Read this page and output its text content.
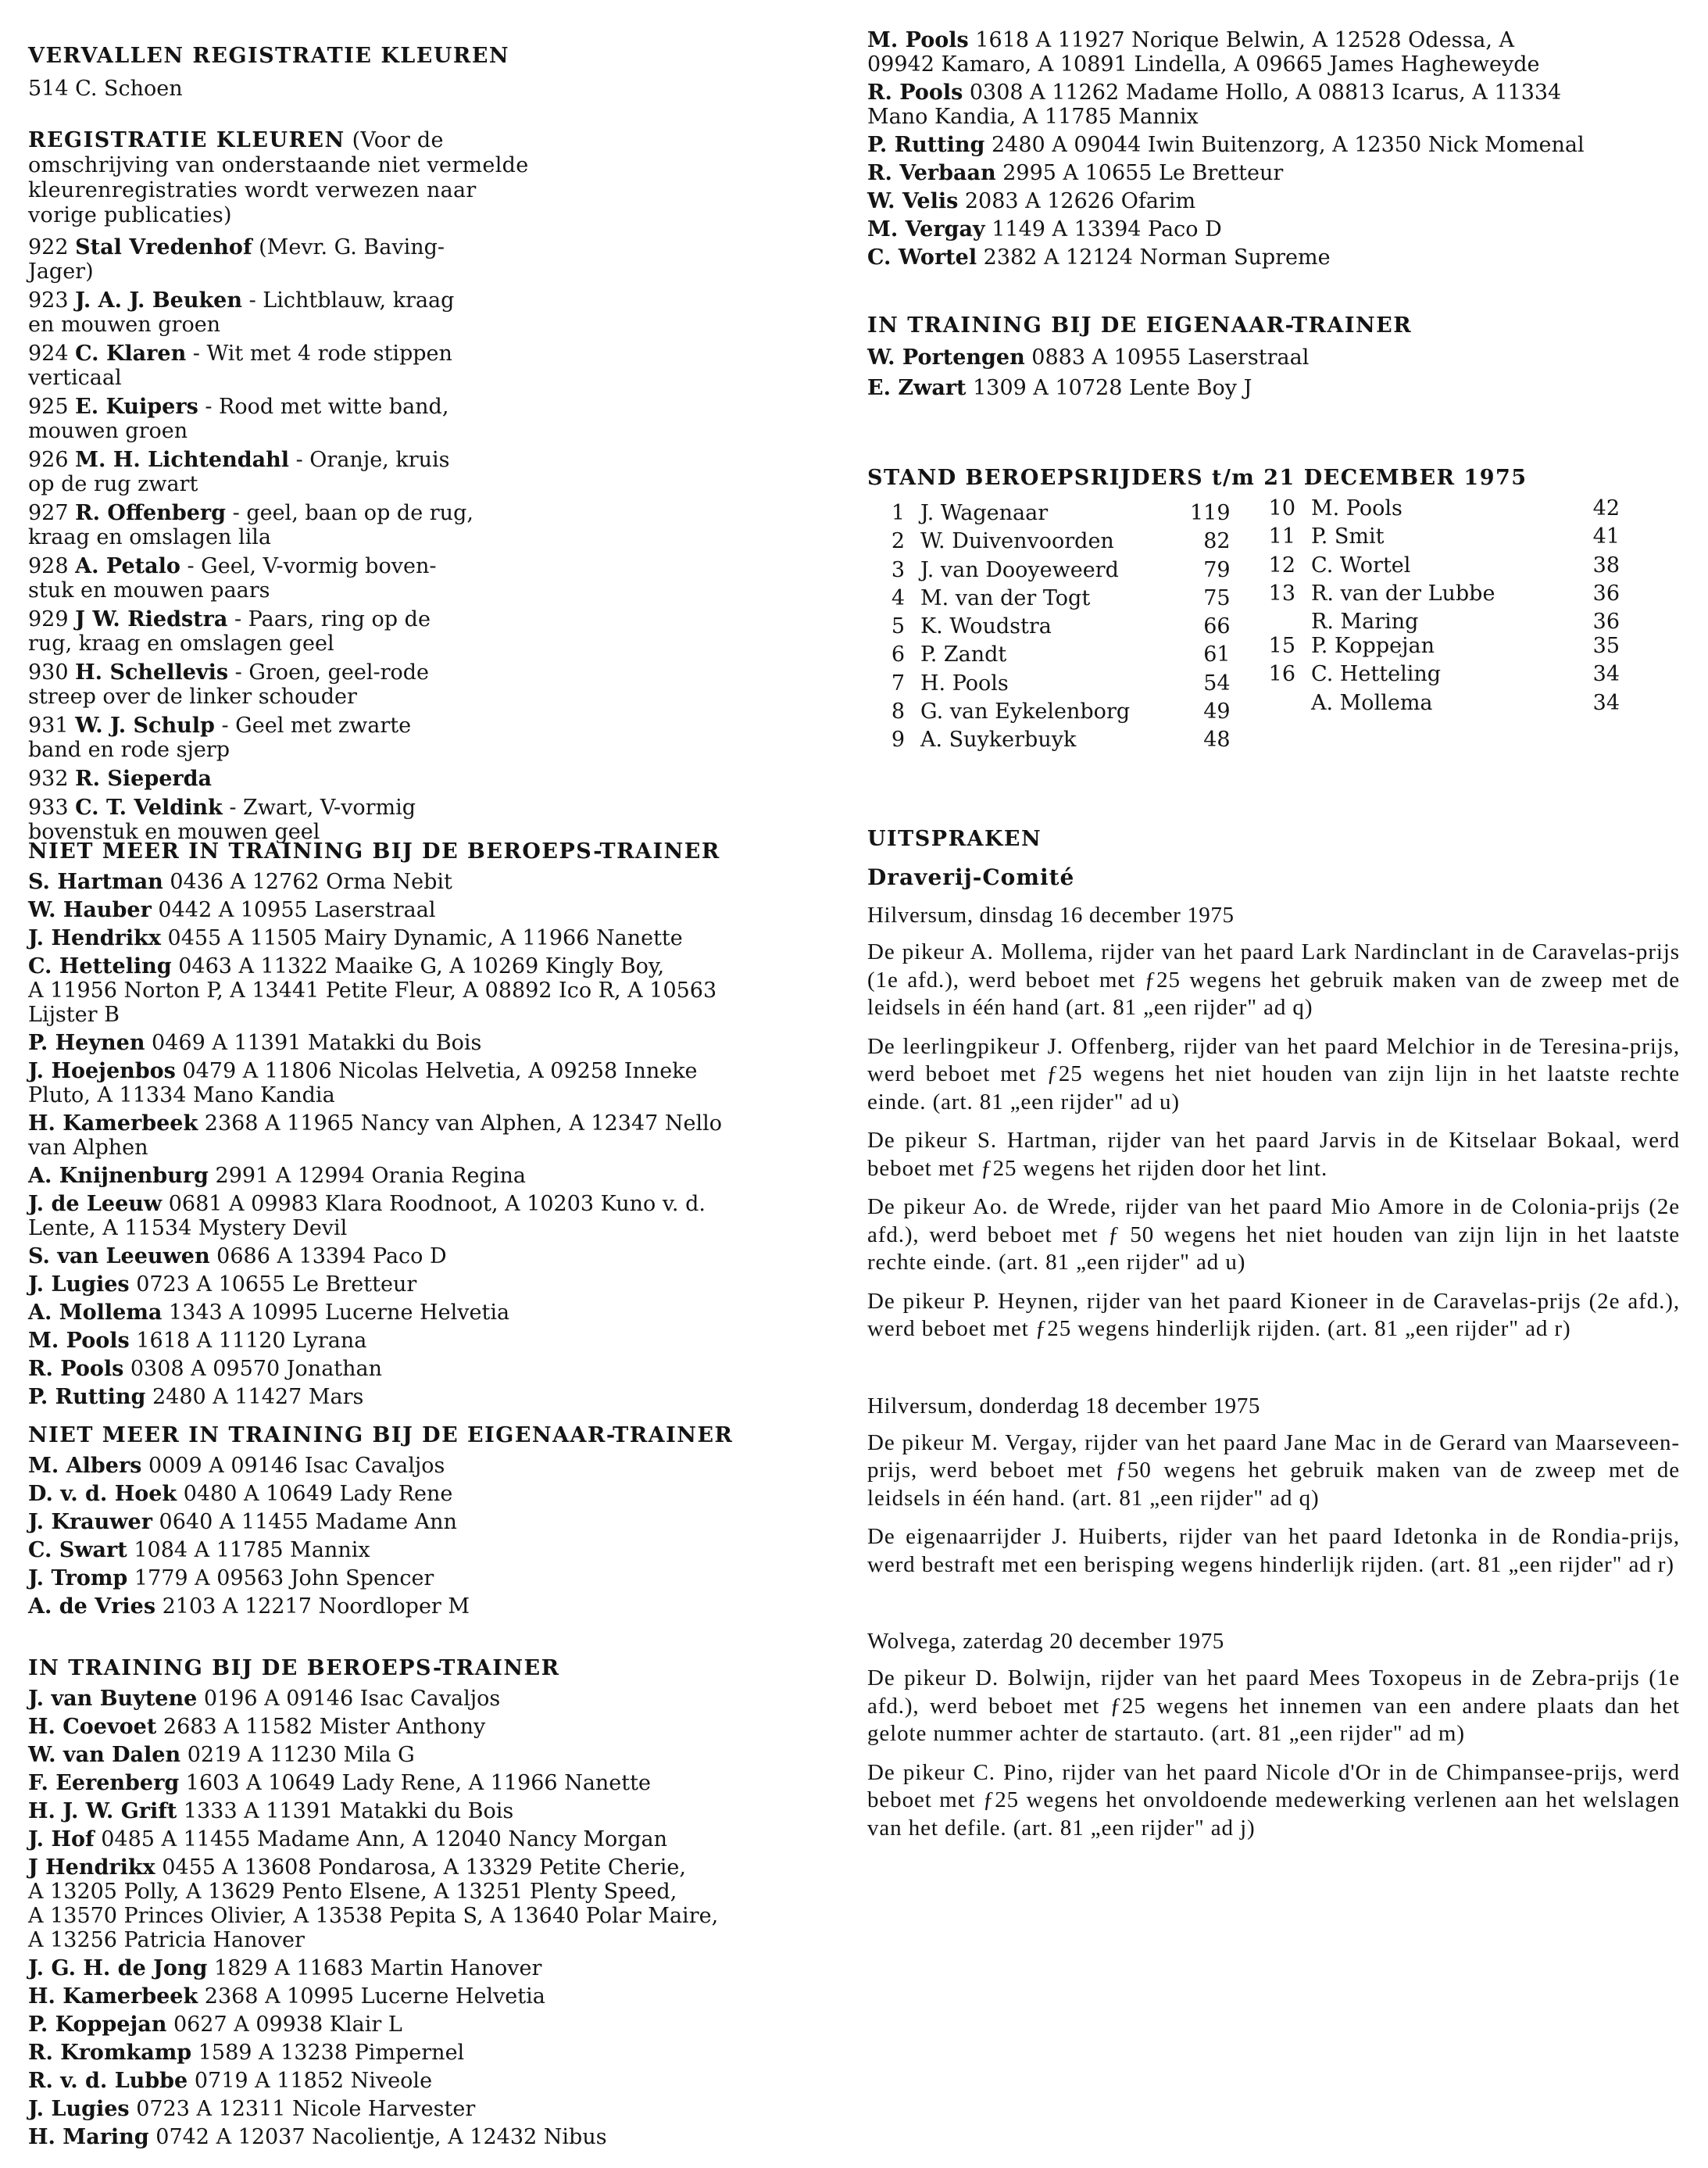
VERVALLEN REGISTRATIE KLEUREN

514 C. Schoen

REGISTRATIE KLEUREN (Voor de omschrijving van onderstaande niet vermelde kleurenregistraties wordt verwezen naar vorige publicaties)

922 Stal Vredenhof (Mevr. G. Baving-
Jager)
923 J. A. J. Beuken - Lichtblauw, kraag
en mouwen groen
924 C. Klaren - Wit met 4 rode stippen
verticaal
925 E. Kuipers - Rood met witte band,
mouwen groen
926 M. H. Lichtendahl - Oranje, kruis
op de rug zwart
927 R. Offenberg - geel, baan op de rug,
kraag en omslagen lila
928 A. Petalo - Geel, V-vormig boven-
stuk en mouwen paars
929 J W. Riedstra - Paars, ring op de
rug, kraag en omslagen geel
930 H. Schellevis - Groen, geel-rode
streep over de linker schouder
931 W. J. Schulp - Geel met zwarte
band en rode sjerp
932 R. Sieperda
933 C. T. Veldink - Zwart, V-vormig
bovenstuk en mouwen geel

NIET MEER IN TRAINING BIJ DE BEROEPS-TRAINER

S. Hartman 0436 A 12762 Orma Nebit
W. Hauber 0442 A 10955 Laserstraal
J. Hendrikx 0455 A 11505 Mairy Dynamic, A 11966 Nanette
C. Hetteling 0463 A 11322 Maaike G, A 10269 Kingly Boy,
A 11956 Norton P, A 13441 Petite Fleur, A 08892 Ico R, A 10563
Lijster B
P. Heynen 0469 A 11391 Matakki du Bois
J. Hoejenbos 0479 A 11806 Nicolas Helvetia, A 09258 Inneke
Pluto, A 11334 Mano Kandia
H. Kamerbeek 2368 A 11965 Nancy van Alphen, A 12347 Nello
van Alphen
A. Knijnenburg 2991 A 12994 Orania Regina
J. de Leeuw 0681 A 09983 Klara Roodnoot, A 10203 Kuno v. d.
Lente, A 11534 Mystery Devil
S. van Leeuwen 0686 A 13394 Paco D
J. Lugies 0723 A 10655 Le Bretteur
A. Mollema 1343 A 10995 Lucerne Helvetia
M. Pools 1618 A 11120 Lyrana
R. Pools 0308 A 09570 Jonathan
P. Rutting 2480 A 11427 Mars

NIET MEER IN TRAINING BIJ DE EIGENAAR-TRAINER

M. Albers 0009 A 09146 Isac Cavaljos
D. v. d. Hoek 0480 A 10649 Lady Rene
J. Krauwer 0640 A 11455 Madame Ann
C. Swart 1084 A 11785 Mannix
J. Tromp 1779 A 09563 John Spencer
A. de Vries 2103 A 12217 Noordloper M

IN TRAINING BIJ DE BEROEPS-TRAINER

J. van Buytene 0196 A 09146 Isac Cavaljos
H. Coevoet 2683 A 11582 Mister Anthony
W. van Dalen 0219 A 11230 Mila G
F. Eerenberg 1603 A 10649 Lady Rene, A 11966 Nanette
H. J. W. Grift 1333 A 11391 Matakki du Bois
J. Hof 0485 A 11455 Madame Ann, A 12040 Nancy Morgan
J Hendrikx 0455 A 13608 Pondarosa, A 13329 Petite Cherie,
A 13205 Polly, A 13629 Pento Elsene, A 13251 Plenty Speed,
A 13570 Princes Olivier, A 13538 Pepita S, A 13640 Polar Maire,
A 13256 Patricia Hanover
J. G. H. de Jong 1829 A 11683 Martin Hanover
H. Kamerbeek 2368 A 10995 Lucerne Helvetia
P. Koppejan 0627 A 09938 Klair L
R. Kromkamp 1589 A 13238 Pimpernel
R. v. d. Lubbe 0719 A 11852 Niveole
J. Lugies 0723 A 12311 Nicole Harvester
H. Maring 0742 A 12037 Nacolientje, A 12432 Nibus
M. Pools 1618 A 11927 Norique Belwin, A 12528 Odessa, A
09942 Kamaro, A 10891 Lindella, A 09665 James Hagheweyde
R. Pools 0308 A 11262 Madame Hollo, A 08813 Icarus, A 11334
Mano Kandia, A 11785 Mannix
P. Rutting 2480 A 09044 Iwin Buitenzorg, A 12350 Nick Momenal
R. Verbaan 2995 A 10655 Le Bretteur
W. Velis 2083 A 12626 Ofarim
M. Vergay 1149 A 13394 Paco D
C. Wortel 2382 A 12124 Norman Supreme

IN TRAINING BIJ DE EIGENAAR-TRAINER

W. Portengen 0883 A 10955 Laserstraal
E. Zwart 1309 A 10728 Lente Boy J

STAND BEROEPSRIJDERS t/m 21 DECEMBER 1975

1	J. Wagenaar	119
2	W. Duivenvoorden	82
3	J. van Dooyeweerd	79
4	M. van der Togt	75
5	K. Woudstra	66
6	P. Zandt	61
7	H. Pools	54
8	G. van Eykelenborg	49
9	A. Suykerbuyk	48
10	M. Pools	42
11	P. Smit	41
12	C. Wortel	38
13	R. van der Lubbe	36
	R. Maring	36
15	P. Koppejan	35
16	C. Hetteling	34
	A. Mollema	34

UITSPRAKEN

Draverij-Comité

Hilversum, dinsdag 16 december 1975

De pikeur A. Mollema, rijder van het paard Lark Nardinclant in de Caravelas-prijs (1e afd.), werd beboet met ƒ25 wegens het gebruik maken van de zweep met de leidsels in één hand (art. 81 „een rijder" ad q)

De leerlingpikeur J. Offenberg, rijder van het paard Melchior in de Teresina-prijs, werd beboet met ƒ25 wegens het niet houden van zijn lijn in het laatste rechte einde. (art. 81 „een rijder" ad u)

De pikeur S. Hartman, rijder van het paard Jarvis in de Kitselaar Bokaal, werd beboet met ƒ25 wegens het rijden door het lint.

De pikeur Ao. de Wrede, rijder van het paard Mio Amore in de Colonia-prijs (2e afd.), werd beboet met ƒ 50 wegens het niet houden van zijn lijn in het laatste rechte einde. (art. 81 „een rijder" ad u)

De pikeur P. Heynen, rijder van het paard Kioneer in de Caravelas-prijs (2e afd.), werd beboet met ƒ25 wegens hinderlijk rijden. (art. 81 „een rijder" ad r)

Hilversum, donderdag 18 december 1975

De pikeur M. Vergay, rijder van het paard Jane Mac in de Gerard van Maarseveen-prijs, werd beboet met ƒ50 wegens het gebruik maken van de zweep met de leidsels in één hand. (art. 81 „een rijder" ad q)

De eigenaarrijder J. Huiberts, rijder van het paard Idetonka in de Rondia-prijs, werd bestraft met een berisping wegens hinderlijk rijden. (art. 81 „een rijder" ad r)

Wolvega, zaterdag 20 december 1975

De pikeur D. Bolwijn, rijder van het paard Mees Toxopeus in de Zebra-prijs (1e afd.), werd beboet met ƒ25 wegens het innemen van een andere plaats dan het gelote nummer achter de startauto. (art. 81 „een rijder" ad m)

De pikeur C. Pino, rijder van het paard Nicole d'Or in de Chimpansee-prijs, werd beboet met ƒ25 wegens het onvoldoende medewerking verlenen aan het welslagen van het defile. (art. 81 „een rijder" ad j)
